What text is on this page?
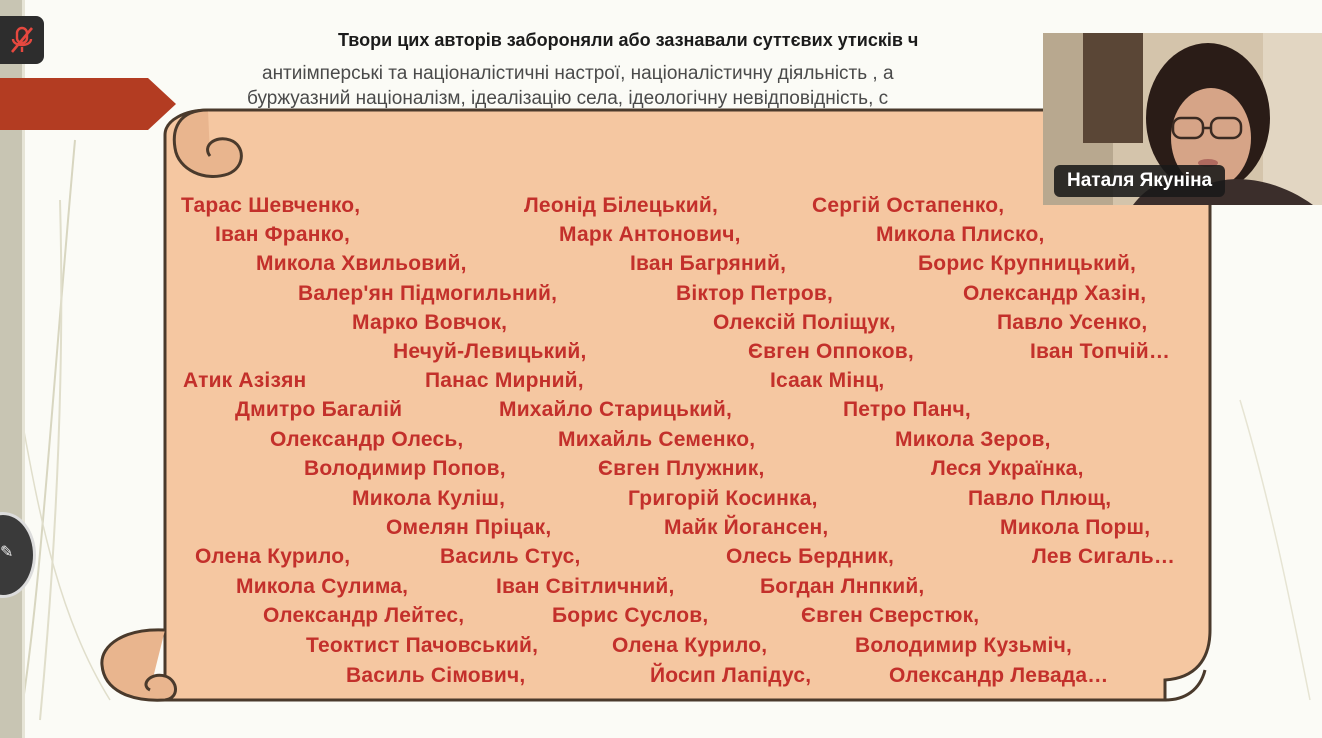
Твори цих авторів забороняли або зазнавали суттєвих утисків ч
антиімперські та націоналістичні настрої, націоналістичну діяльність , а
буржуазний націоналізм, ідеалізацію села, ідеологічну невідповідність, с
Тарас Шевченко,	Леонід Білецький,	Сергій Остапенко,
Іван Франко,	Марк Антонович,	Микола Плиско,
Микола Хвильовий,	Іван Багряний,	Борис Крупницький,
Валер'ян Підмогильний,	Віктор Петров,	Олександр Хазін,
Марко Вовчок,	Олексій Поліщук,	Павло Усенко,
Нечуй-Левицький,	Євген Оппоков,	Іван Топчій…
Атик Азізян	Панас Мирний,	Ісаак Мінц,
Дмитро Багалій	Михайло Старицький,	Петро Панч,
Олександр Олесь,	Михайль Семенко,	Микола Зеров,
Володимир Попов,	Євген Плужник,	Леся Українка,
Микола Куліш,	Григорій Косинка,	Павло Плющ,
Омелян Пріцак,	Майк Йогансен,	Микола Порш,
Олена Курило,	Василь Стус,	Олесь Бердник,	Лев Сигаль…
Микола Сулима,	Іван Світличний,	Богдан Лнпкий,
Олександр Лейтес,	Борис Суслов,	Євген Сверстюк,
Теоктист Пачовський,	Олена Курило,	Володимир Кузьміч,
Василь Сімович,	Йосип Лапідус,	Олександр Левада…
✎
Наталя Якуніна
